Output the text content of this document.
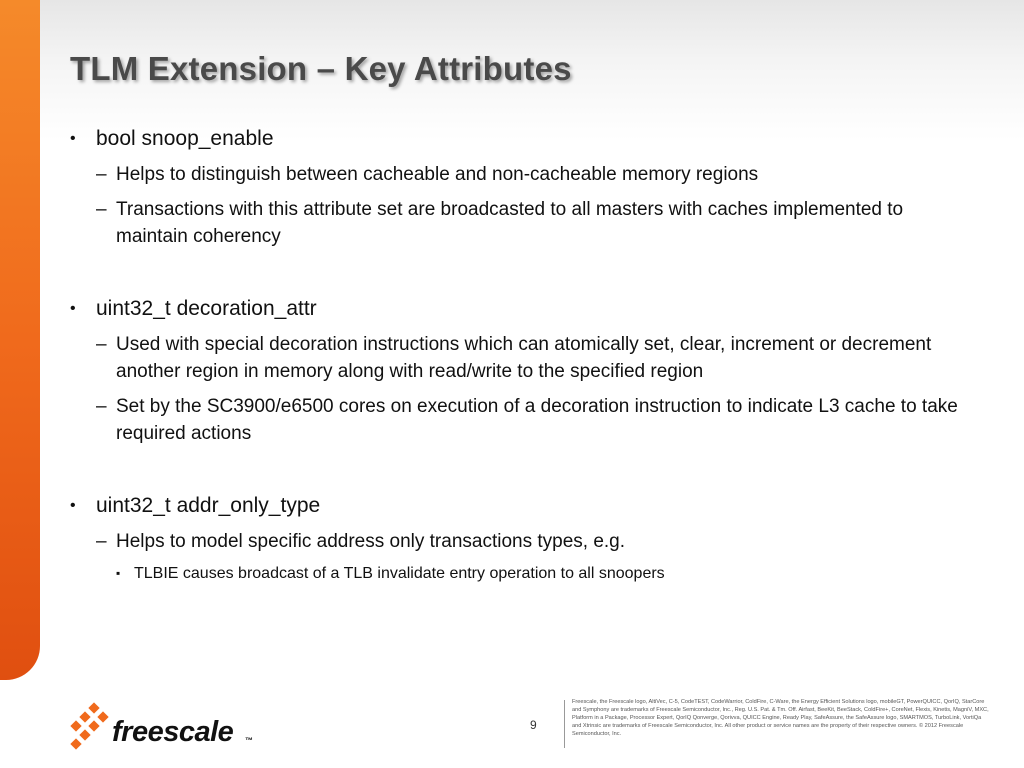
TLM Extension – Key Attributes
• bool snoop_enable
– Helps to distinguish between cacheable and non-cacheable memory regions
– Transactions with this attribute set are broadcasted to all masters with caches implemented to maintain coherency
• uint32_t decoration_attr
– Used with special decoration instructions which can atomically set, clear, increment or decrement another region in memory along with read/write to the specified region
– Set by the SC3900/e6500 cores on execution of a decoration instruction to indicate L3 cache to take required actions
• uint32_t addr_only_type
– Helps to model specific address only transactions types, e.g.
▪ TLBIE causes broadcast of a TLB invalidate entry operation to all snoopers
freescale ™
9
Freescale, the Freescale logo, AltiVec, C-5, CodeTEST, CodeWarrior, ColdFire, C-Ware, the Energy Efficient Solutions logo, mobileGT, PowerQUICC, QorIQ, StarCore and Symphony are trademarks of Freescale Semiconductor, Inc., Reg. U.S. Pat. & Tm. Off. Airfast, BeeKit, BeeStack, ColdFire+, CoreNet, Flexis, Kinetis, MagniV, MXC, Platform in a Package, Processor Expert, QorIQ Qonverge, Qorivva, QUICC Engine, Ready Play, SafeAssure, the SafeAssure logo, SMARTMOS, TurboLink, VortiQa and Xtrinsic are trademarks of Freescale Semiconductor, Inc. All other product or service names are the property of their respective owners. © 2012 Freescale Semiconductor, Inc.
